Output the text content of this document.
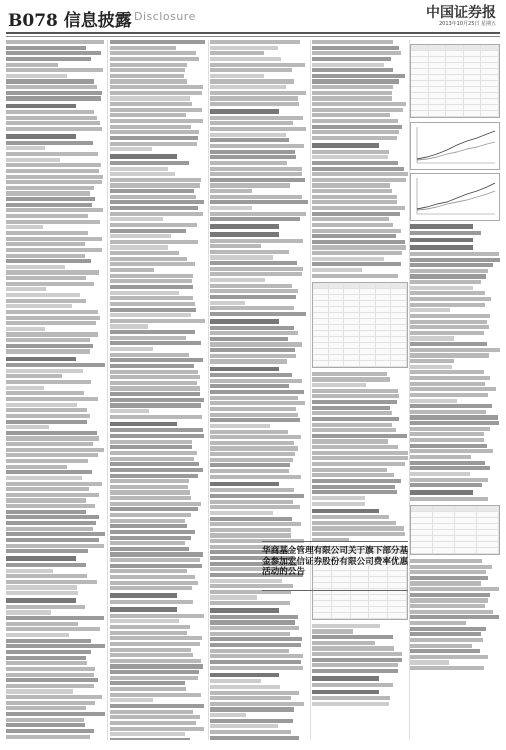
B078 信息披露 Disclosure	中国证券报
2013年10月25日 星期五
华商基金管理有限公司关于旗下部分基金参加宏信证券股份有限公司费率优惠活动的公告
